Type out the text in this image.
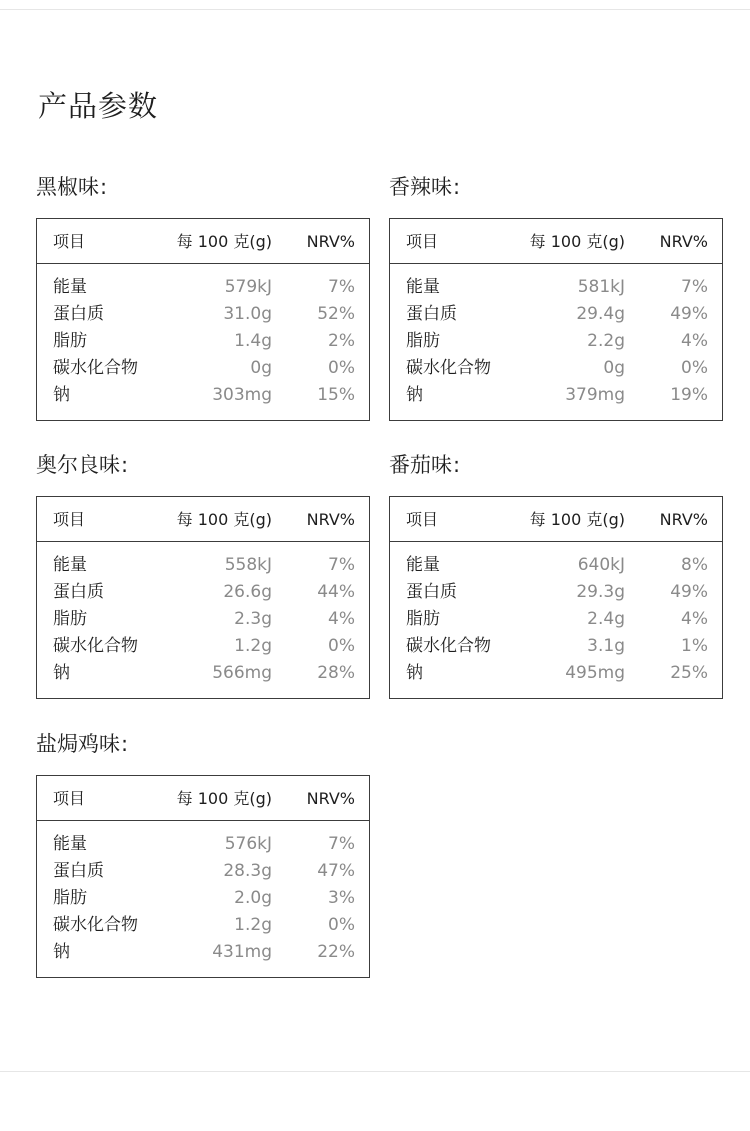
产品参数
黑椒味:
项目	每 100 克(g) NRV%
能量	579kJ	7%
蛋白质	31.0g	52%
脂肪	1.4g	2%
碳水化合物	0g	0%
钠	303mg	15%
香辣味:
项目	每 100 克(g) NRV%
能量	581kJ	7%
蛋白质	29.4g	49%
脂肪	2.2g	4%
碳水化合物	0g	0%
钠	379mg	19%
奥尔良味:
项目	每 100 克(g) NRV%
能量	558kJ	7%
蛋白质	26.6g	44%
脂肪	2.3g	4%
碳水化合物	1.2g	0%
钠	566mg	28%
番茄味:
项目	每 100 克(g) NRV%
能量	640kJ	8%
蛋白质	29.3g	49%
脂肪	2.4g	4%
碳水化合物	3.1g	1%
钠	495mg	25%
盐焗鸡味:
项目	每 100 克(g) NRV%
能量	576kJ	7%
蛋白质	28.3g	47%
脂肪	2.0g	3%
碳水化合物	1.2g	0%
钠	431mg	22%
